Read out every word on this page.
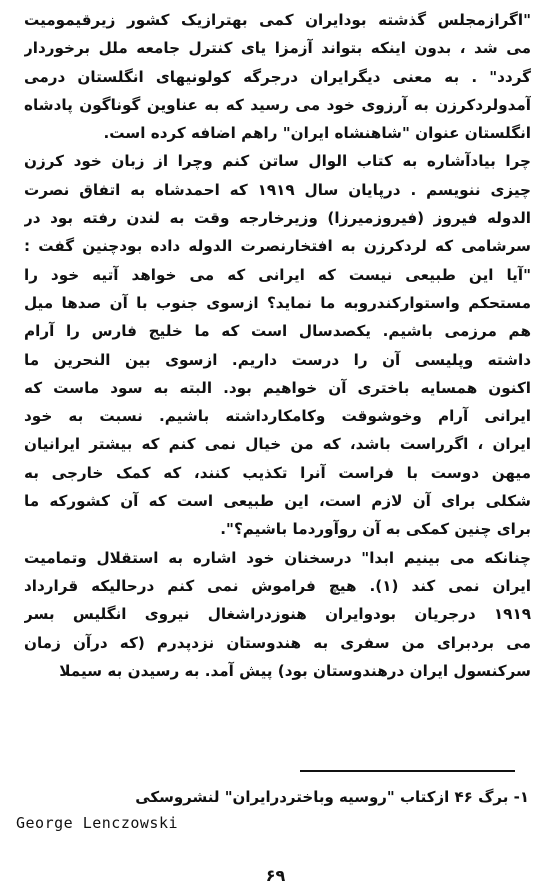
"اگرازمجلس گذشته بودایران کمی بهترازیک کشور زیرقیمومیت
می شد ، بدون اینکه بتواند آزمزا یای کنترل جامعه ملل برخوردار
گردد" . به معنی دیگرایران درجرگه کولونیهای انگلستان درمی
آمدولردکرزن به آرزوی خود می رسید که به عناوین گوناگون پادشاه
انگلستان عنوان "شاهنشاه ایران" راهم اضافه کرده است.
چرا بیادآشاره به کتاب الوال ساتن کنم وچرا از زبان خود کرزن
چیزی ننویسم . درپایان سال ۱۹۱۹ که احمدشاه به اتفاق نصرت
الدوله فیروز (فیروزمیرزا) وزیرخارجه وقت به لندن رفته بود در
سرشامی که لردکرزن به افتخارنصرت الدوله داده بودچنین گفت :
"آیا این طبیعی نیست که ایرانی که می خواهد آتیه خود را
مستحکم واستوارکندروبه ما نماید؟ ازسوی جنوب با آن صدها میل
هم مرزمی باشیم. یکصدسال است که ما خلیج فارس را آرام
داشته وپلیسی آن را درست داریم. ازسوی بین النحرین ما
اکنون همسایه باختری آن خواهیم بود. البته به سود ماست که
ایرانی آرام وخوشوقت وکامکارداشته باشیم. نسبت به خود
ایران ، اگرراست باشد، که من خیال نمی کنم که بیشتر ایرانیان
میهن دوست با فراست آنرا تکذیب کنند، که کمک خارجی به
شکلی برای آن لازم است، این طبیعی است که آن کشورکه ما
برای چنین کمکی به آن روآوردما باشیم؟".
چنانکه می بینیم ابدا" درسخنان خود اشاره به استقلال وتمامیت
ایران نمی کند (۱). هیچ فراموش نمی کنم درحالیکه قرارداد
۱۹۱۹ درجریان بودوایران هنوزدراشغال نیروی انگلیس بسر
می بردبرای من سفری به هندوستان نزدپدرم (که درآن زمان
سرکنسول ایران درهندوستان بود) پیش آمد. به رسیدن به سیملا
۱- برگ ۴۶ ازکتاب "روسیه وباختردرایران" لنشروسکی
George Lenczowski
۶۹
